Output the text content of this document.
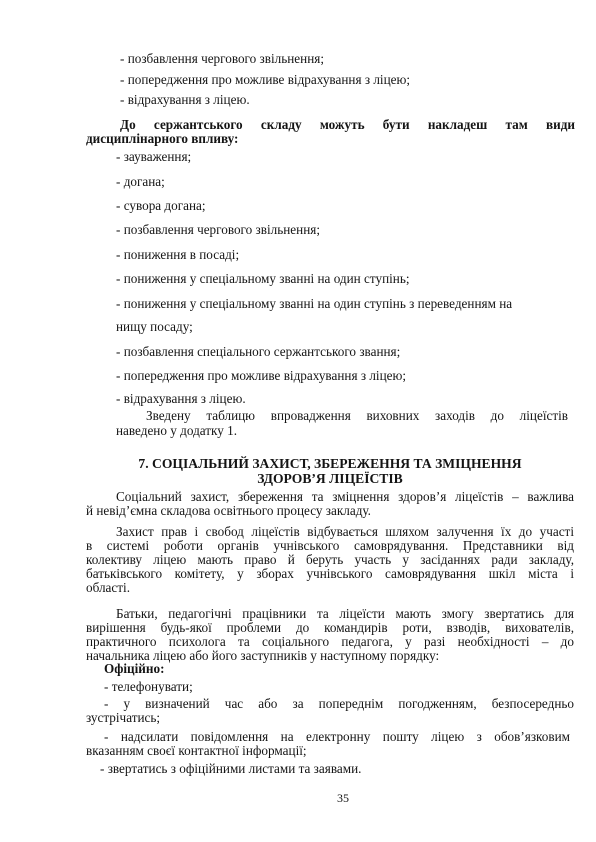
- позбавлення чергового звільнення;
- попередження про можливе відрахування з ліцею;
- відрахування з ліцею.
До сержантського складу можуть бути накладеш там види
дисциплінарного впливу:
- зауваження;
- догана;
- сувора догана;
- позбавлення чергового звільнення;
- пониження в посаді;
- пониження у спеціальному званні на один ступінь;
- пониження у спеціальному званні на один ступінь з переведенням на
нищу посаду;
- позбавлення спеціального сержантського звання;
- попередження про можливе відрахування з ліцею;
- відрахування з ліцею.
Зведену таблицю впровадження виховних заходів до ліцеїстів
наведено у додатку 1.
7. СОЦІАЛЬНИЙ ЗАХИСТ, ЗБЕРЕЖЕННЯ ТА ЗМІЦНЕННЯ
ЗДОРОВ’Я ЛІЦЕЇСТІВ
Соціальний захист, збереження та зміцнення здоров’я ліцеїстів – важлива
й невід’ємна складова освітнього процесу закладу.
Захист прав і свобод ліцеїстів відбувається шляхом залучення їх до участі
в системі роботи органів учнівського самоврядування. Представники від
колективу ліцею мають право й беруть участь у засіданнях ради закладу,
батьківського комітету, у зборах учнівського самоврядування шкіл міста і
області.
Батьки, педагогічні працівники та ліцеїсти мають змогу звертатись для
вирішення будь-якої проблеми до командирів роти, взводів, вихователів,
практичного психолога та соціального педагога, у разі необхідності – до
начальника ліцею або його заступників у наступному порядку:
Офіційно:
- телефонувати;
- у визначений час або за попереднім погодженням, безпосередньо
зустрічатись;
- надсилати повідомлення на електронну пошту ліцею з обов’язковим
вказанням своєї контактної інформації;
- звертатись з офіційними листами та заявами.
35
